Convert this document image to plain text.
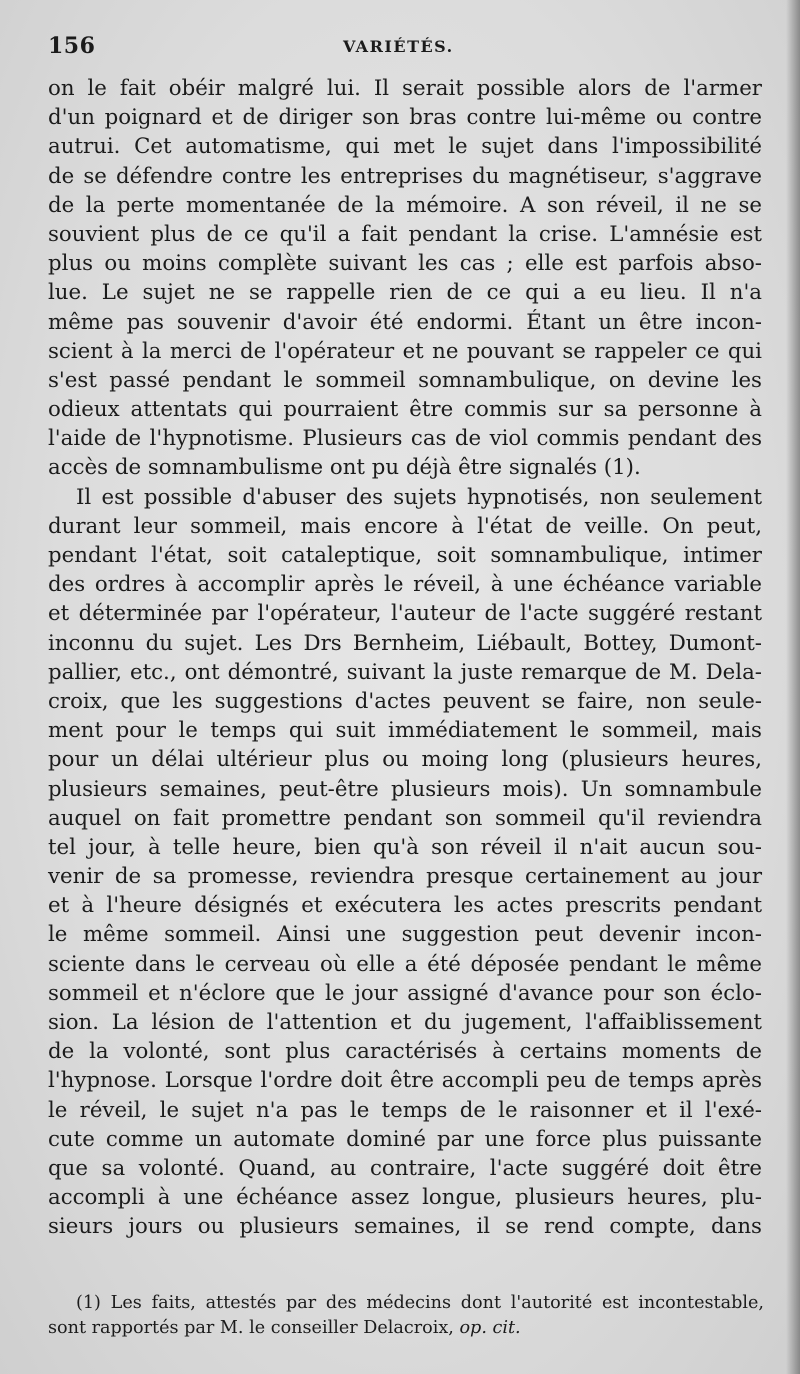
156	VARIÉTÉS.
on le fait obéir malgré lui. Il serait possible alors de l'armer
d'un poignard et de diriger son bras contre lui-même ou contre
autrui. Cet automatisme, qui met le sujet dans l'impossibilité
de se défendre contre les entreprises du magnétiseur, s'aggrave
de la perte momentanée de la mémoire. A son réveil, il ne se
souvient plus de ce qu'il a fait pendant la crise. L'amnésie est
plus ou moins complète suivant les cas ; elle est parfois abso-
lue. Le sujet ne se rappelle rien de ce qui a eu lieu. Il n'a
même pas souvenir d'avoir été endormi. Étant un être incon-
scient à la merci de l'opérateur et ne pouvant se rappeler ce qui
s'est passé pendant le sommeil somnambulique, on devine les
odieux attentats qui pourraient être commis sur sa personne à
l'aide de l'hypnotisme. Plusieurs cas de viol commis pendant des
accès de somnambulisme ont pu déjà être signalés (1).
Il est possible d'abuser des sujets hypnotisés, non seulement
durant leur sommeil, mais encore à l'état de veille. On peut,
pendant l'état, soit cataleptique, soit somnambulique, intimer
des ordres à accomplir après le réveil, à une échéance variable
et déterminée par l'opérateur, l'auteur de l'acte suggéré restant
inconnu du sujet. Les Drs Bernheim, Liébault, Bottey, Dumont-
pallier, etc., ont démontré, suivant la juste remarque de M. Dela-
croix, que les suggestions d'actes peuvent se faire, non seule-
ment pour le temps qui suit immédiatement le sommeil, mais
pour un délai ultérieur plus ou moing long (plusieurs heures,
plusieurs semaines, peut-être plusieurs mois). Un somnambule
auquel on fait promettre pendant son sommeil qu'il reviendra
tel jour, à telle heure, bien qu'à son réveil il n'ait aucun sou-
venir de sa promesse, reviendra presque certainement au jour
et à l'heure désignés et exécutera les actes prescrits pendant
le même sommeil. Ainsi une suggestion peut devenir incon-
sciente dans le cerveau où elle a été déposée pendant le même
sommeil et n'éclore que le jour assigné d'avance pour son éclo-
sion. La lésion de l'attention et du jugement, l'affaiblissement
de la volonté, sont plus caractérisés à certains moments de
l'hypnose. Lorsque l'ordre doit être accompli peu de temps après
le réveil, le sujet n'a pas le temps de le raisonner et il l'exé-
cute comme un automate dominé par une force plus puissante
que sa volonté. Quand, au contraire, l'acte suggéré doit être
accompli à une échéance assez longue, plusieurs heures, plu-
sieurs jours ou plusieurs semaines, il se rend compte, dans
(1) Les faits, attestés par des médecins dont l'autorité est incontestable,
sont rapportés par M. le conseiller Delacroix, op. cit.
